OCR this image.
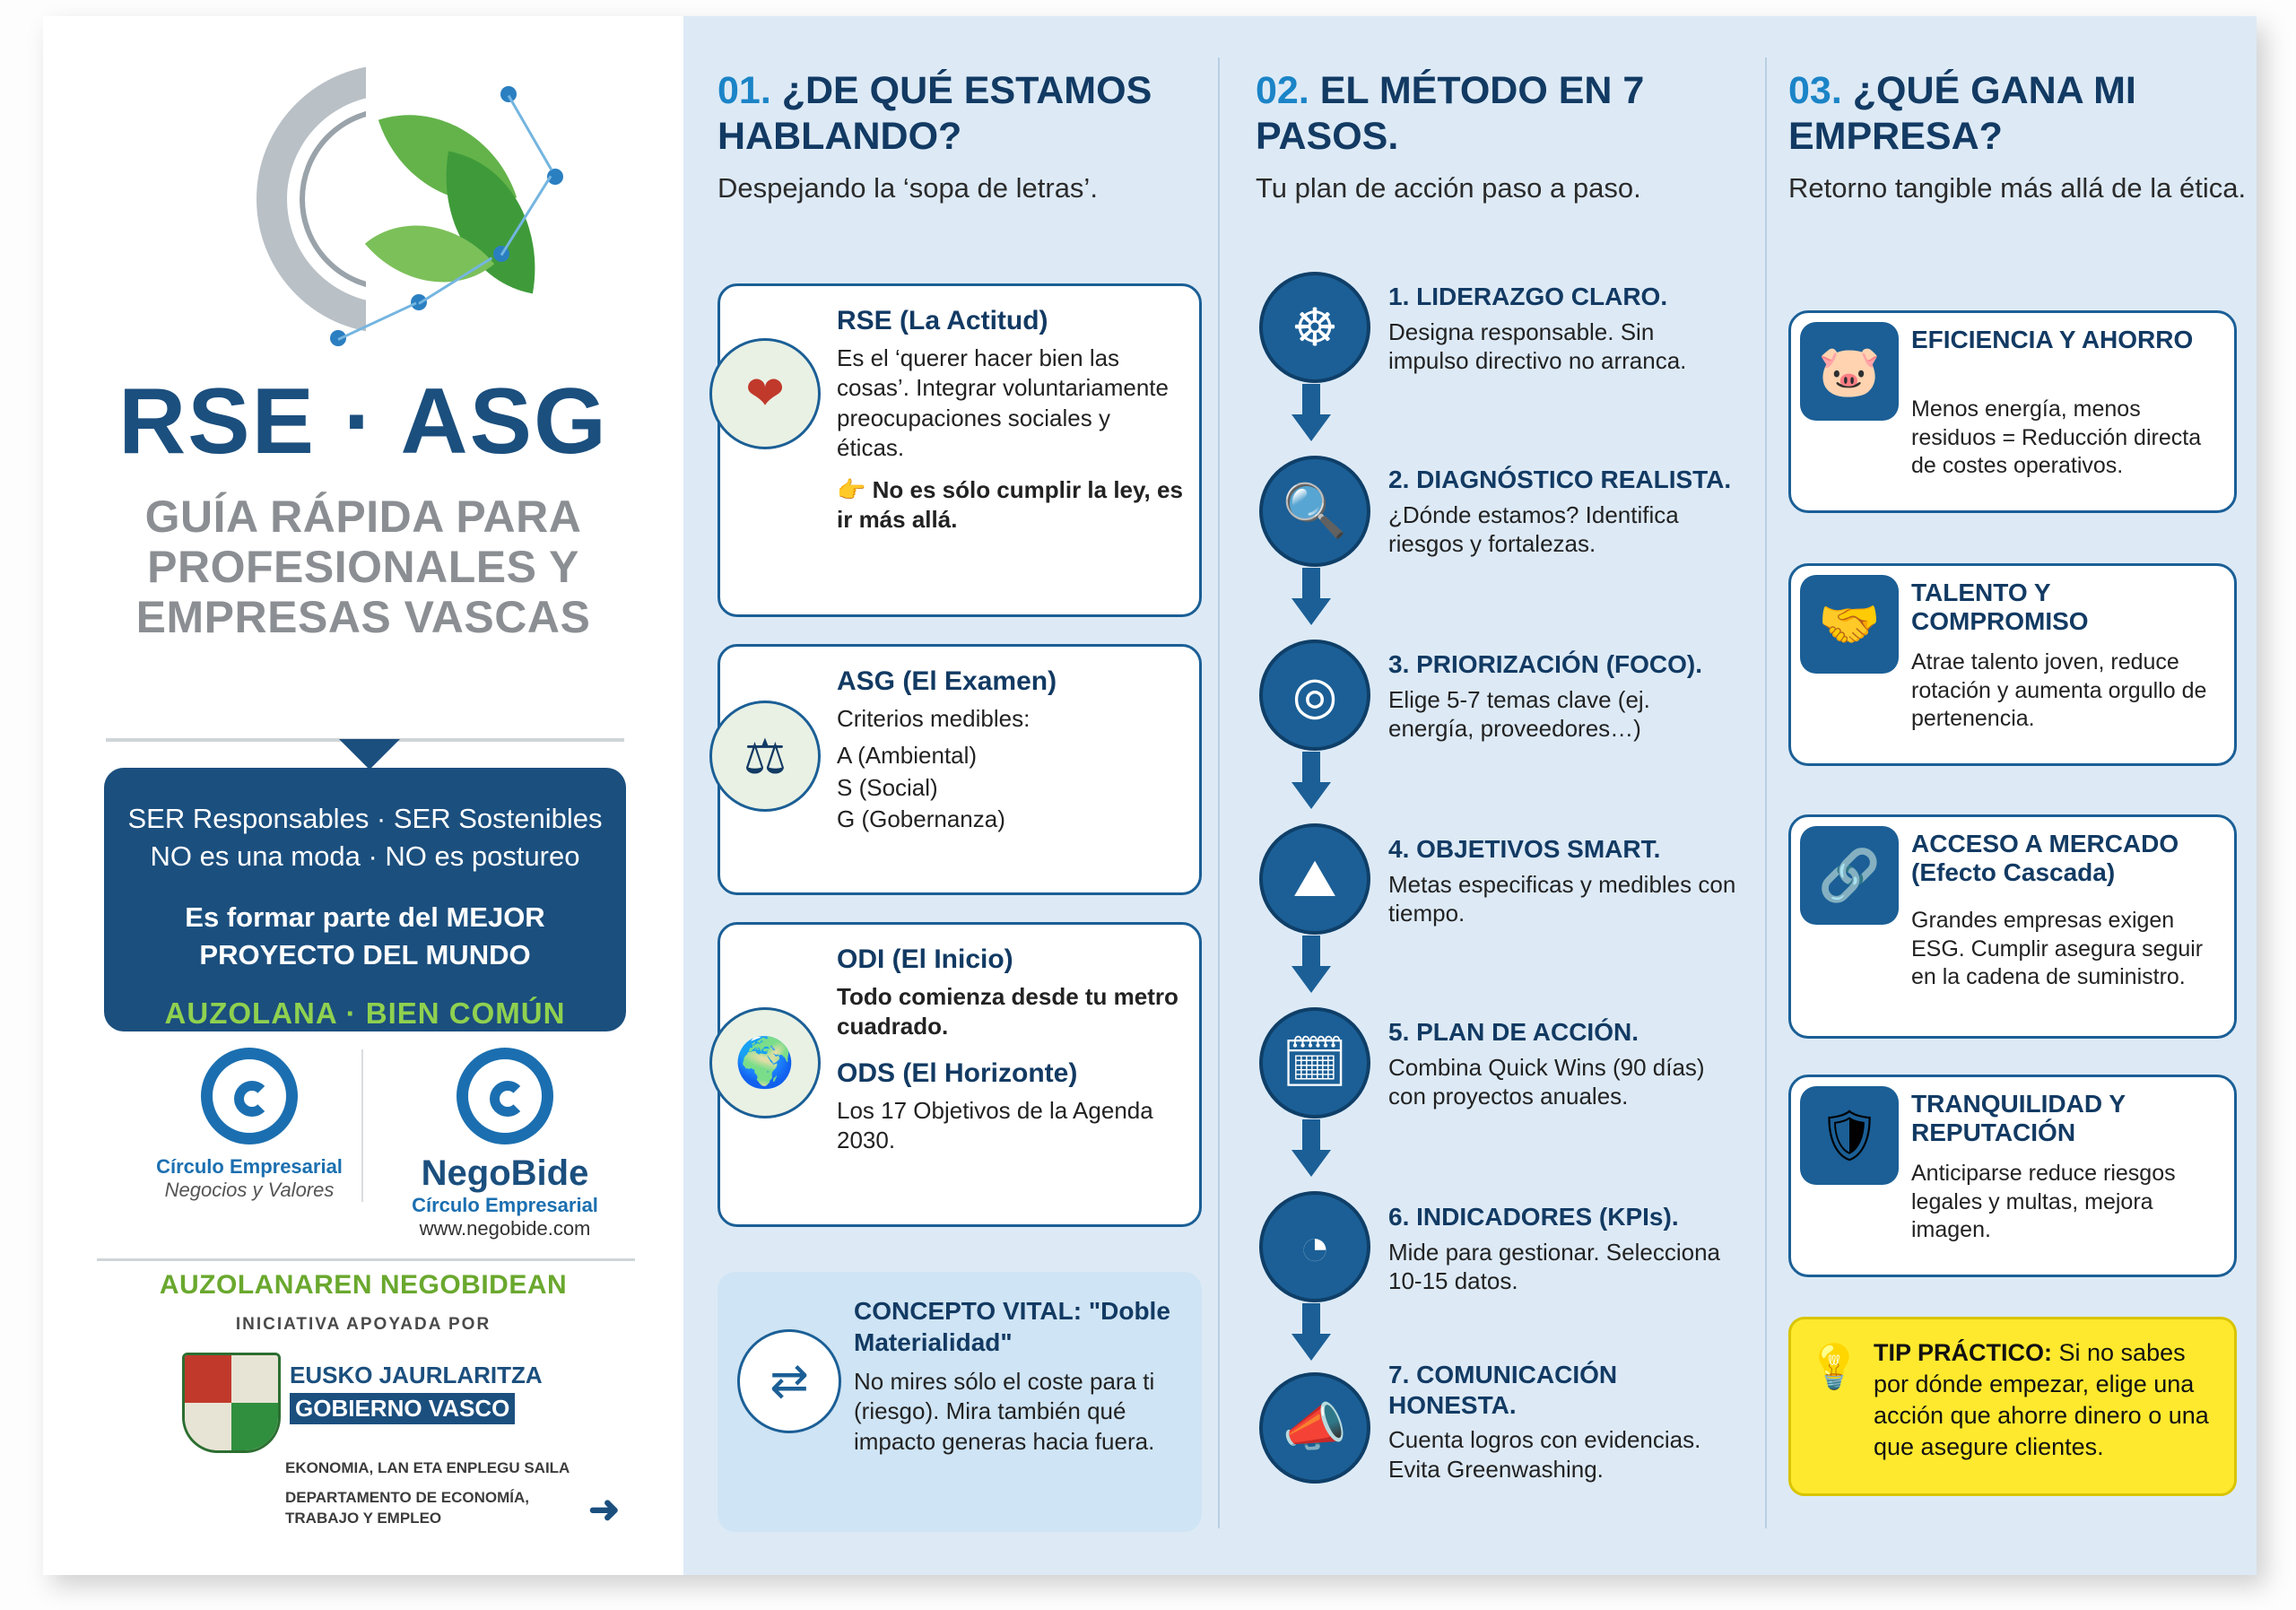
RSE · ASG
GUÍA RÁPIDA PARA PROFESIONALES Y EMPRESAS VASCAS
SER Responsables · SER Sostenibles NO es una moda · NO es postureo
Es formar parte del MEJOR PROYECTO DEL MUNDO
AUZOLANA · BIEN COMÚN
Círculo Empresarial
Negocios y Valores	NegoBide
Círculo Empresarial
www.negobide.com
AUZOLANAREN NEGOBIDEAN
INICIATIVA APOYADA POR
EUSKO JAURLARITZA
GOBIERNO VASCO
EKONOMIA, LAN ETA ENPLEGU SAILA
DEPARTAMENTO DE ECONOMÍA, TRABAJO Y EMPLEO	➜
01. ¿DE QUÉ ESTAMOS HABLANDO?
Despejando la ‘sopa de letras’.
❤
RSE (La Actitud)

Es el ‘querer hacer bien las cosas’. Integrar voluntariamente preocupaciones sociales y éticas.

👉 No es sólo cumplir la ley, es ir más allá.

⚖
ASG (El Examen)

Criterios medibles:

A (Ambiental)

S (Social)

G (Gobernanza)

🌍
ODI (El Inicio)

Todo comienza desde tu metro cuadrado.

ODS (El Horizonte)

Los 17 Objetivos de la Agenda 2030.

⇄
CONCEPTO VITAL: "Doble Materialidad"
No mires sólo el coste para ti (riesgo). Mira también qué impacto generas hacia fuera.
02. EL MÉTODO EN 7 PASOS.
Tu plan de acción paso a paso.
☸
1. LIDERAZGO CLARO.
Designa responsable. Sin impulso directivo no arranca.
🔍
2. DIAGNÓSTICO REALISTA.
¿Dónde estamos? Identifica riesgos y fortalezas.
◎
3. PRIORIZACIÓN (FOCO).
Elige 5-7 temas clave (ej. energía, proveedores…)
⛰
4. OBJETIVOS SMART.
Metas especificas y medibles con tiempo.
🗓
5. PLAN DE ACCIÓN.
Combina Quick Wins (90 días) con proyectos anuales.
◔
6. INDICADORES (KPIs).
Mide para gestionar. Selecciona 10-15 datos.
📣
7. COMUNICACIÓN HONESTA.
Cuenta logros con evidencias. Evita Greenwashing.
03. ¿QUÉ GANA MI EMPRESA?
Retorno tangible más allá de la ética.
🐷
EFICIENCIA Y AHORRO

Menos energía, menos residuos = Reducción directa de costes operativos.

🤝
TALENTO Y COMPROMISO

Atrae talento joven, reduce rotación y aumenta orgullo de pertenencia.

🔗
ACCESO A MERCADO (Efecto Cascada)

Grandes empresas exigen ESG. Cumplir asegura seguir en la cadena de suministro.

🛡
TRANQUILIDAD Y REPUTACIÓN

Anticiparse reduce riesgos legales y multas, mejora imagen.

💡 TIP PRÁCTICO: Si no sabes por dónde empezar, elige una acción que ahorre dinero o una que asegure clientes.
